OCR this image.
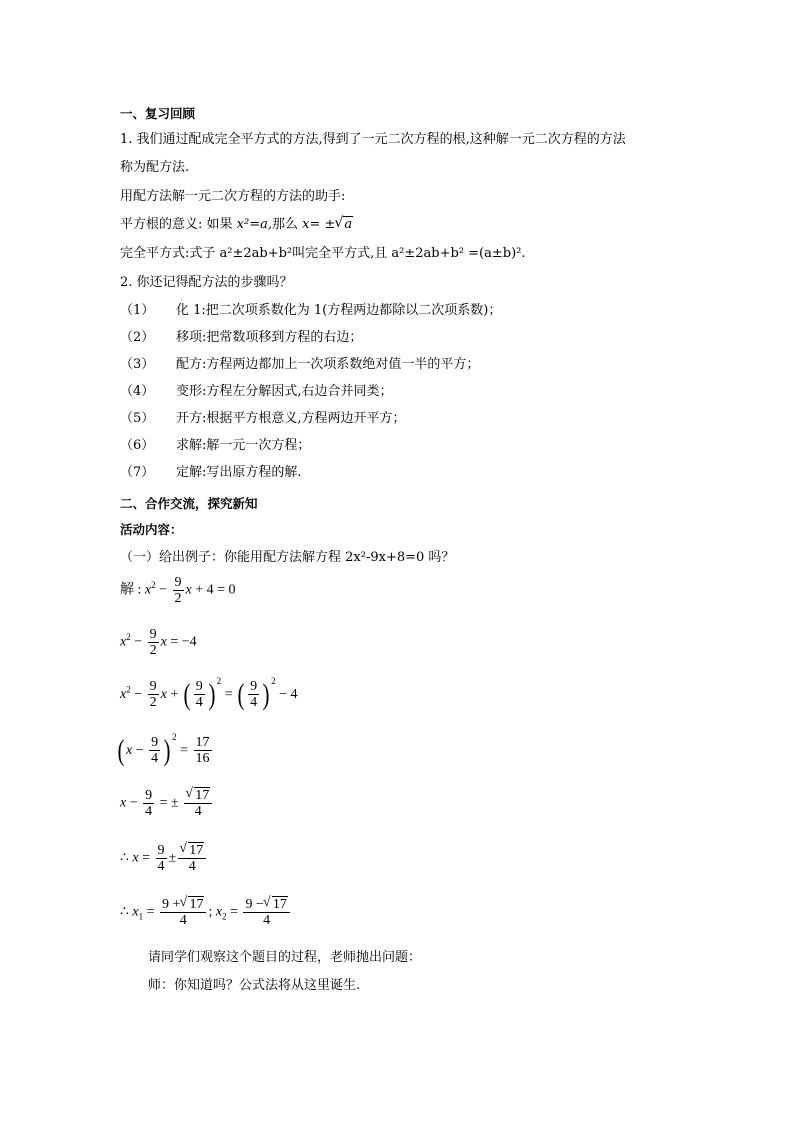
一、复习回顾
1. 我们通过配成完全平方式的方法,得到了一元二次方程的根,这种解一元二次方程的方法
称为配方法.
用配方法解一元二次方程的方法的助手:
平方根的意义: 如果 x²=a,那么 x= ± √ a
完全平方式:式子 a²±2ab+b²叫完全平方式,且 a²±2ab+b² =(a±b)².
2. 你还记得配方法的步骤吗？
（1） 化 1:把二次项系数化为 1(方程两边都除以二次项系数)；
（2） 移项:把常数项移到方程的右边；
（3） 配方:方程两边都加上一次项系数绝对值一半的平方；
（4） 变形:方程左分解因式,右边合并同类；
（5） 开方:根据平方根意义,方程两边开平方；
（6） 求解:解一元一次方程；
（7） 定解:写出原方程的解.
二、合作交流，探究新知
活动内容：
（一）给出例子：你能用配方法解方程 2x²-9x+8=0 吗？
解 : $x^2 - \frac{9}{2}$ x + 4 = 0
$x^2 - \frac{9}{2}$ x = −4
$x^2 - \frac{9}{2}$ x + ( $\frac{9}{4}$ ) $^2$ = ( $\frac{9}{4}$ ) $^2$ − 4
( $x - \frac{9}{4}$ ) $^2 = \frac{17}{16}$
$x - \frac{9}{4}$ = ± √ $\frac{17}{4}$
∴ $x = \frac{9}{4}$ ± √ $\frac{17}{4}$
∴ $x_1 = \frac{9 + √ 17}{4}$ ; $x_2 = \frac{9 - √ 17}{4}$
请同学们观察这个题目的过程，老师抛出问题：
师：你知道吗？公式法将从这里诞生.
